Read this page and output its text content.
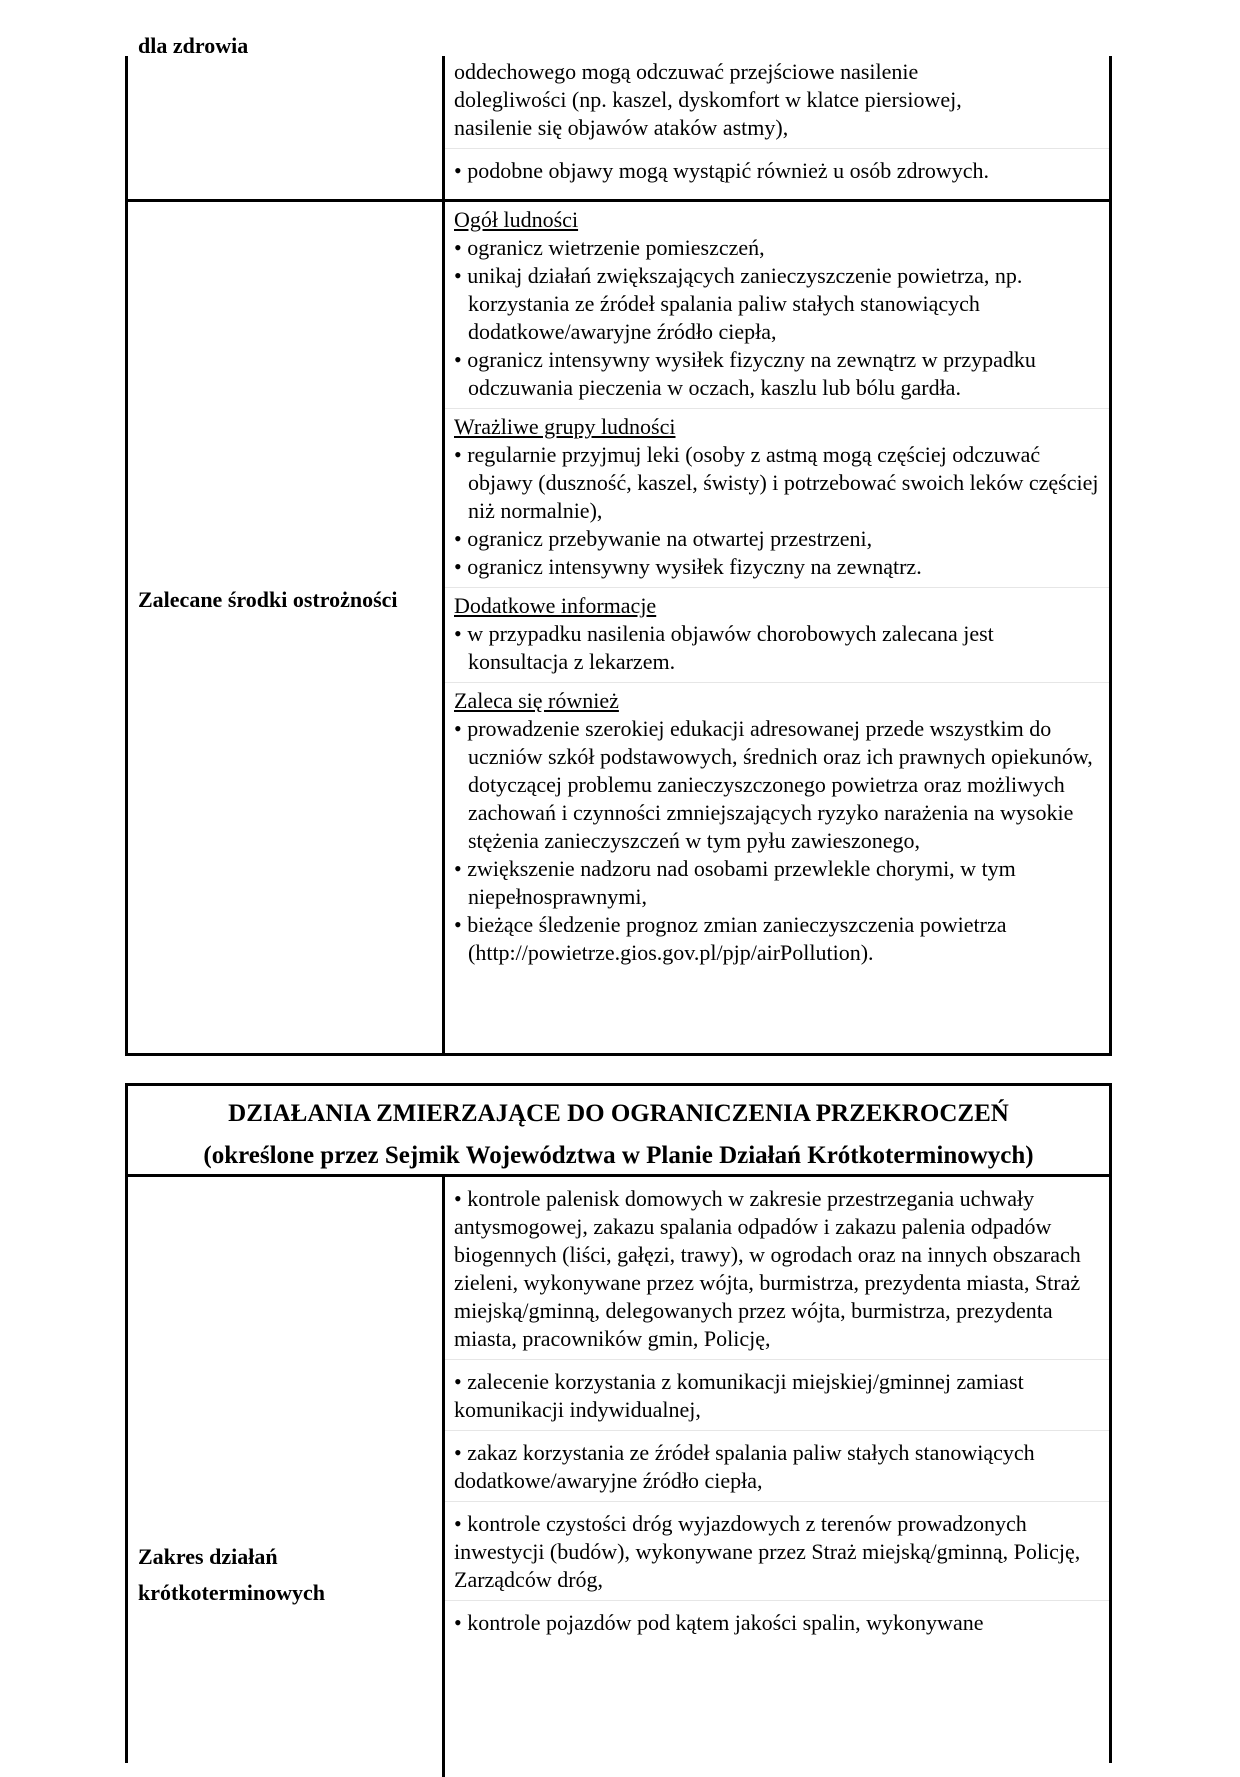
dla zdrowia
oddechowego mogą odczuwać przejściowe nasilenie
dolegliwości (np. kaszel, dyskomfort w klatce piersiowej,
nasilenie się objawów ataków astmy),
• podobne objawy mogą wystąpić również u osób zdrowych.
Zalecane środki ostrożności
Ogół ludności
• ogranicz wietrzenie pomieszczeń,
• unikaj działań zwiększających zanieczyszczenie powietrza, np. korzystania ze źródeł spalania paliw stałych stanowiących dodatkowe/awaryjne źródło ciepła,
• ogranicz intensywny wysiłek fizyczny na zewnątrz w przypadku odczuwania pieczenia w oczach, kaszlu lub bólu gardła.
Wrażliwe grupy ludności
• regularnie przyjmuj leki (osoby z astmą mogą częściej odczuwać objawy (duszność, kaszel, świsty) i potrzebować swoich leków częściej niż normalnie),
• ogranicz przebywanie na otwartej przestrzeni,
• ogranicz intensywny wysiłek fizyczny na zewnątrz.
Dodatkowe informacje
• w przypadku nasilenia objawów chorobowych zalecana jest konsultacja z lekarzem.
Zaleca się również
• prowadzenie szerokiej edukacji adresowanej przede wszystkim do uczniów szkół podstawowych, średnich oraz ich prawnych opiekunów, dotyczącej problemu zanieczyszczonego powietrza oraz możliwych zachowań i czynności zmniejszających ryzyko narażenia na wysokie stężenia zanieczyszczeń w tym pyłu zawieszonego,
• zwiększenie nadzoru nad osobami przewlekle chorymi, w tym niepełnosprawnymi,
• bieżące śledzenie prognoz zmian zanieczyszczenia powietrza (http://powietrze.gios.gov.pl/pjp/airPollution).
DZIAŁANIA ZMIERZAJĄCE DO OGRANICZENIA PRZEKROCZEŃ
(określone przez Sejmik Województwa w Planie Działań Krótkoterminowych)
Zakres działań
krótkoterminowych
• kontrole palenisk domowych w zakresie przestrzegania uchwały antysmogowej, zakazu spalania odpadów i zakazu palenia odpadów biogennych (liści, gałęzi, trawy), w ogrodach oraz na innych obszarach zieleni, wykonywane przez wójta, burmistrza, prezydenta miasta, Straż miejską/gminną, delegowanych przez wójta, burmistrza, prezydenta miasta, pracowników gmin, Policję,
• zalecenie korzystania z komunikacji miejskiej/gminnej zamiast komunikacji indywidualnej,
• zakaz korzystania ze źródeł spalania paliw stałych stanowiących dodatkowe/awaryjne źródło ciepła,
• kontrole czystości dróg wyjazdowych z terenów prowadzonych inwestycji (budów), wykonywane przez Straż miejską/gminną, Policję, Zarządców dróg,
• kontrole pojazdów pod kątem jakości spalin, wykonywane
